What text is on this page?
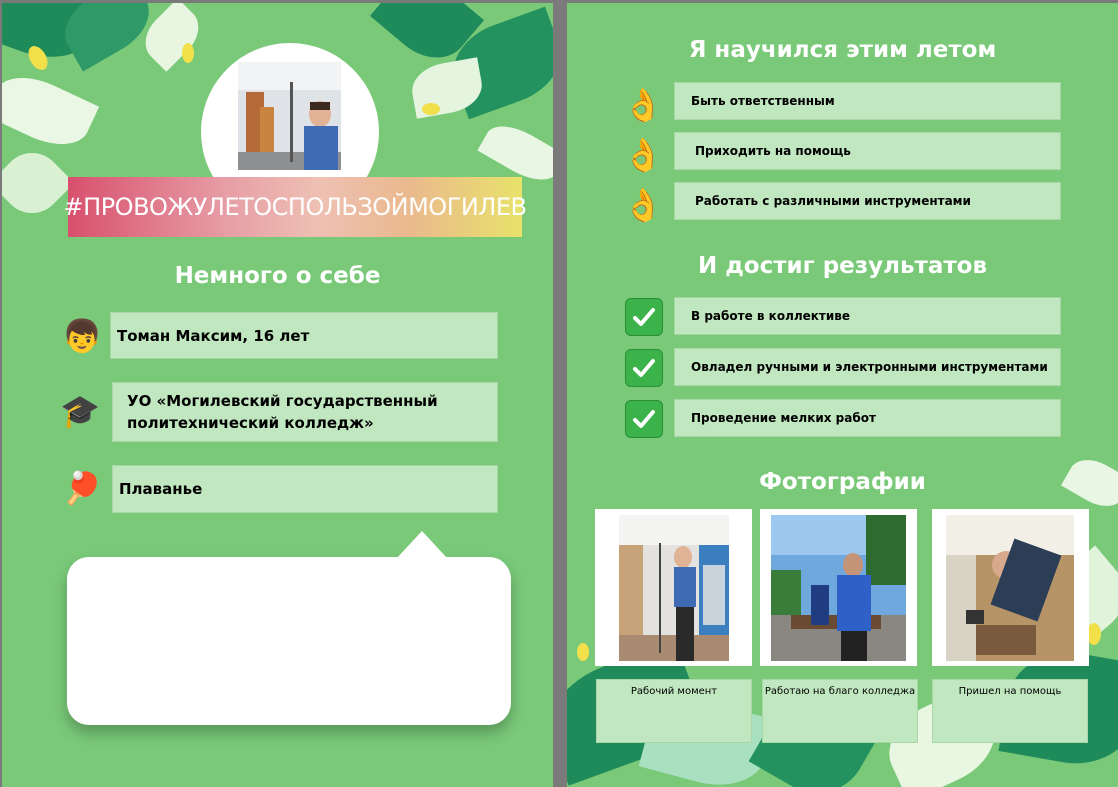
#ПРОВОЖУЛЕТОСПОЛЬЗОЙМОГИЛЕВ
Немного о себе
👦 Томан Максим, 16 лет
🎓 УО «Могилевский государственный политехнический колледж»
🏓 Плаванье
Я научился этим летом
👌 Быть ответственным
👌	Приходить на помощь
👌	Работать с различными инструментами
И достиг результатов
В работе в коллективе
Овладел ручными и электронными инструментами
Проведение мелких работ
Фотографии
Рабочий момент	Работаю на благо колледжа	Пришел на помощь
